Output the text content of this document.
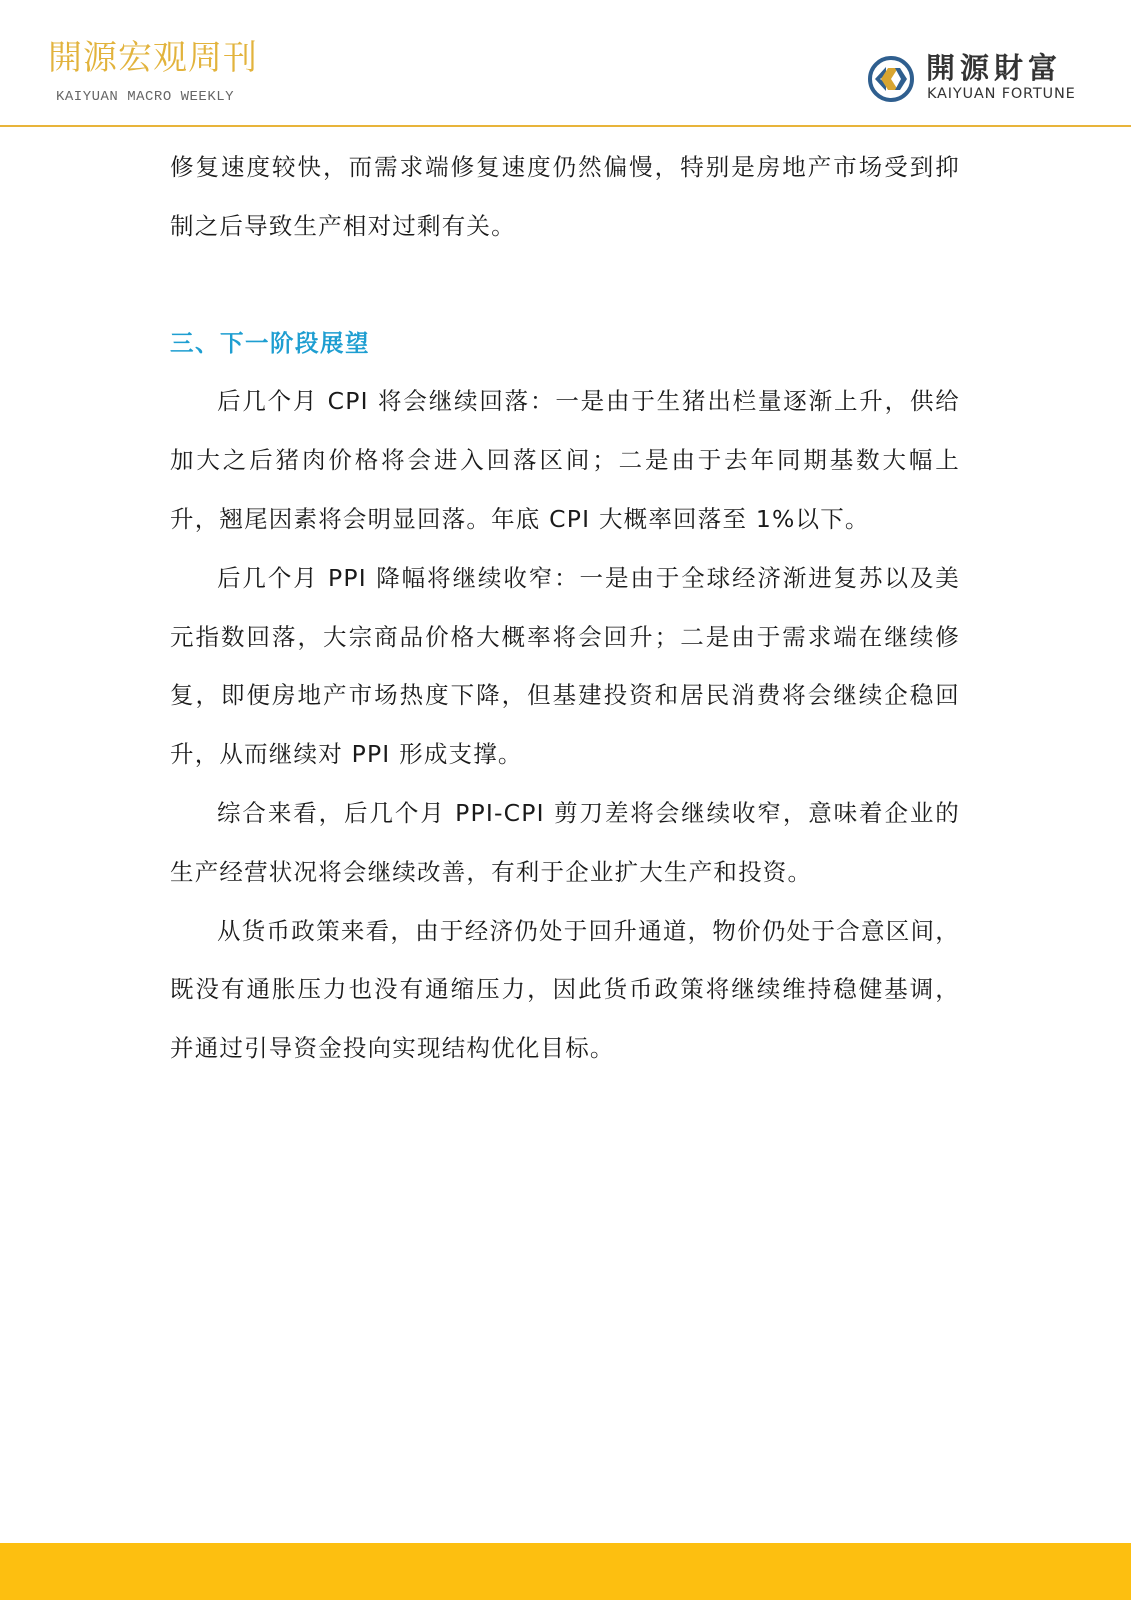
開源宏观周刊
KAIYUAN MACRO WEEKLY
開源財富
KAIYUAN FORTUNE

修复速度较快，而需求端修复速度仍然偏慢，特别是房地产市场受到抑制之后导致生产相对过剩有关。

三、下一阶段展望

后几个月 CPI 将会继续回落：一是由于生猪出栏量逐渐上升，供给加大之后猪肉价格将会进入回落区间；二是由于去年同期基数大幅上升，翘尾因素将会明显回落。年底 CPI 大概率回落至 1%以下。

后几个月 PPI 降幅将继续收窄：一是由于全球经济渐进复苏以及美元指数回落，大宗商品价格大概率将会回升；二是由于需求端在继续修复，即便房地产市场热度下降，但基建投资和居民消费将会继续企稳回升，从而继续对 PPI 形成支撑。

综合来看，后几个月 PPI-CPI 剪刀差将会继续收窄，意味着企业的生产经营状况将会继续改善，有利于企业扩大生产和投资。

从货币政策来看，由于经济仍处于回升通道，物价仍处于合意区间，既没有通胀压力也没有通缩压力，因此货币政策将继续维持稳健基调，并通过引导资金投向实现结构优化目标。
